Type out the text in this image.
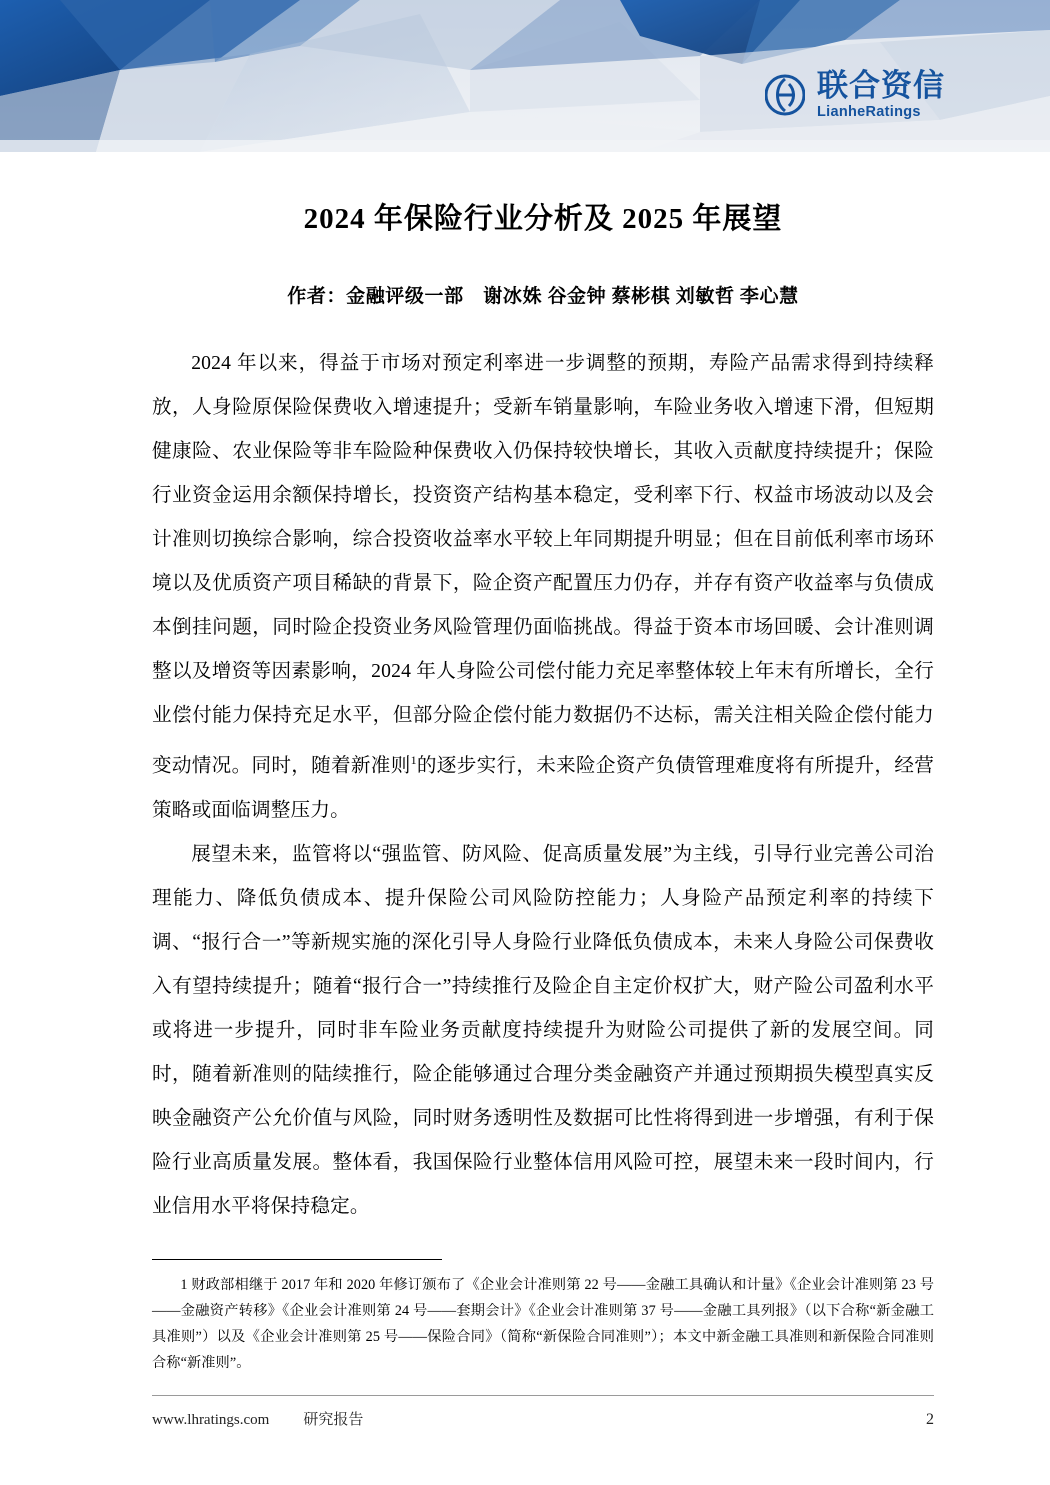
联合资信
LianheRatings
2024 年保险行业分析及 2025 年展望
作者：金融评级一部　谢冰姝 谷金钟 蔡彬棋 刘敏哲 李心慧

2024 年以来，得益于市场对预定利率进一步调整的预期，寿险产品需求得到持续释放，人身险原保险保费收入增速提升；受新车销量影响，车险业务收入增速下滑，但短期健康险、农业保险等非车险险种保费收入仍保持较快增长，其收入贡献度持续提升；保险行业资金运用余额保持增长，投资资产结构基本稳定，受利率下行、权益市场波动以及会计准则切换综合影响，综合投资收益率水平较上年同期提升明显；但在目前低利率市场环境以及优质资产项目稀缺的背景下，险企资产配置压力仍存，并存有资产收益率与负债成本倒挂问题，同时险企投资业务风险管理仍面临挑战。得益于资本市场回暖、会计准则调整以及增资等因素影响，2024 年人身险公司偿付能力充足率整体较上年末有所增长，全行业偿付能力保持充足水平，但部分险企偿付能力数据仍不达标，需关注相关险企偿付能力变动情况。同时，随着新准则$^1$的逐步实行，未来险企资产负债管理难度将有所提升，经营策略或面临调整压力。

展望未来，监管将以“强监管、防风险、促高质量发展”为主线，引导行业完善公司治理能力、降低负债成本、提升保险公司风险防控能力；人身险产品预定利率的持续下调、“报行合一”等新规实施的深化引导人身险行业降低负债成本，未来人身险公司保费收入有望持续提升；随着“报行合一”持续推行及险企自主定价权扩大，财产险公司盈利水平或将进一步提升，同时非车险业务贡献度持续提升为财险公司提供了新的发展空间。同时，随着新准则的陆续推行，险企能够通过合理分类金融资产并通过预期损失模型真实反映金融资产公允价值与风险，同时财务透明性及数据可比性将得到进一步增强，有利于保险行业高质量发展。整体看，我国保险行业整体信用风险可控，展望未来一段时间内，行业信用水平将保持稳定。

1 财政部相继于 2017 年和 2020 年修订颁布了《企业会计准则第 22 号——金融工具确认和计量》《企业会计准则第 23 号——金融资产转移》《企业会计准则第 24 号——套期会计》《企业会计准则第 37 号——金融工具列报》（以下合称“新金融工具准则”）以及《企业会计准则第 25 号——保险合同》（简称“新保险合同准则”）；本文中新金融工具准则和新保险合同准则合称“新准则”。
www.lhratings.com 研究报告	2
